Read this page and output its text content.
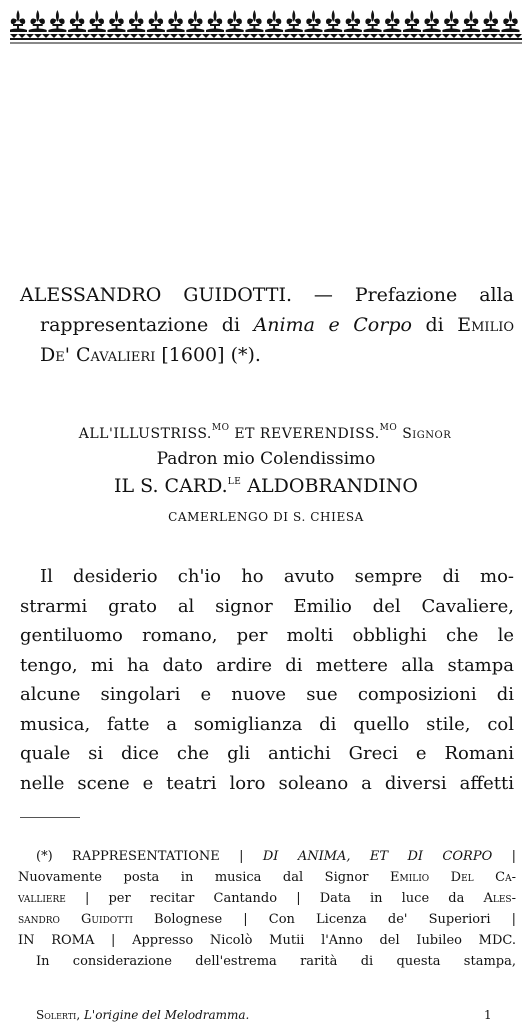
ALESSANDRO GUIDOTTI. — Prefazione alla
rappresentazione di Anima e Corpo di Emilio
De' Cavalieri [1600] (*).
ALL'ILLUSTRISS.$^{MO}$ ET REVERENDISS.$^{MO}$ Signor
Padron mio Colendissimo
IL S. CARD.$^{LE}$ ALDOBRANDINO
CAMERLENGO DI S. CHIESA
Il desiderio ch'io ho avuto sempre di mo-
strarmi grato al signor Emilio del Cavaliere,
gentiluomo romano, per molti obblighi che le
tengo, mi ha dato ardire di mettere alla stampa
alcune singolari e nuove sue composizioni di
musica, fatte a somiglianza di quello stile, col
quale si dice che gli antichi Greci e Romani
nelle scene e teatri loro soleano a diversi affetti
(*) RAPPRESENTATIONE | DI ANIMA, ET DI CORPO |
Nuovamente posta in musica dal Signor Emilio Del Ca-
valliere | per recitar Cantando | Data in luce da Ales-
sandro Guidotti Bolognese | Con Licenza de' Superiori |
IN ROMA | Appresso Nicolò Mutii l'Anno del Iubileo MDC.
In considerazione dell'estrema rarità di questa stampa,
Solerti, L'origine del Melodramma.	1
